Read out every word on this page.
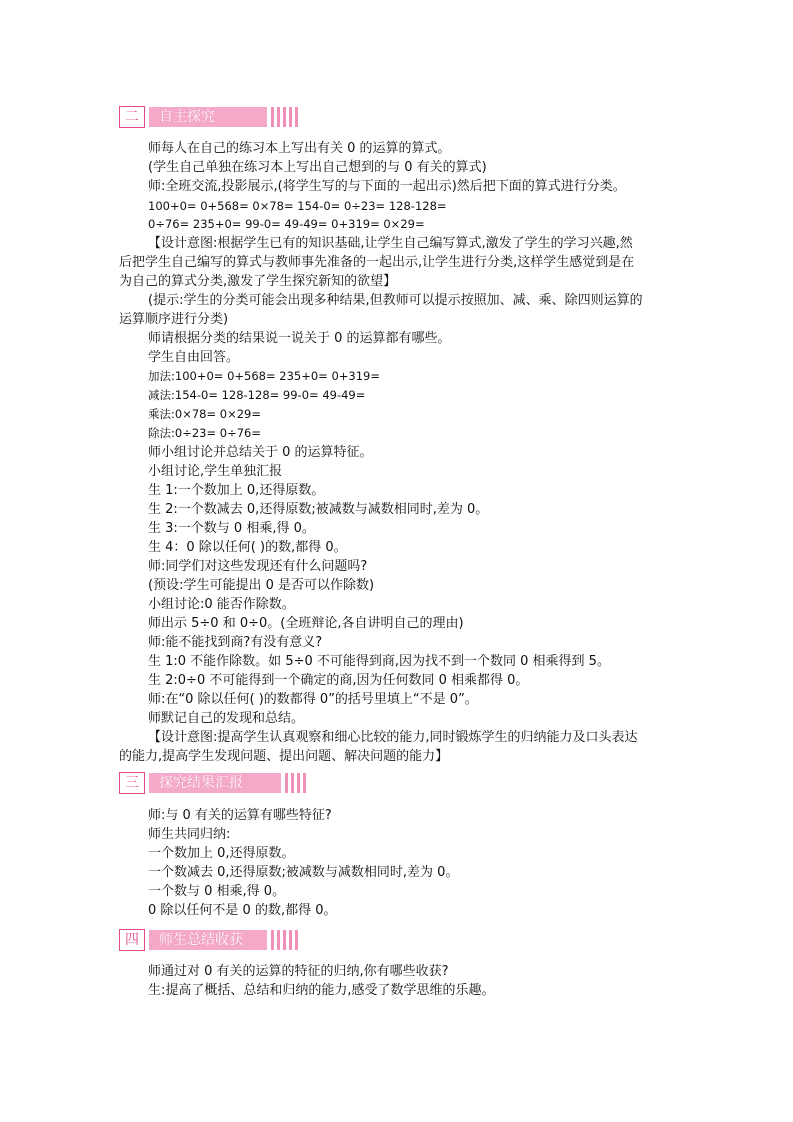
二	自主探究
师每人在自己的练习本上写出有关 0 的运算的算式。
(学生自己单独在练习本上写出自己想到的与 0 有关的算式)
师:全班交流,投影展示,(将学生写的与下面的一起出示)然后把下面的算式进行分类。
100+0= 0+568= 0×78= 154-0= 0÷23= 128-128=
0÷76= 235+0= 99-0= 49-49= 0+319= 0×29=
【设计意图:根据学生已有的知识基础,让学生自己编写算式,激发了学生的学习兴趣,然
后把学生自己编写的算式与教师事先准备的一起出示,让学生进行分类,这样学生感觉到是在
为自己的算式分类,激发了学生探究新知的欲望】
(提示:学生的分类可能会出现多种结果,但教师可以提示按照加、减、乘、除四则运算的
运算顺序进行分类)
师请根据分类的结果说一说关于 0 的运算都有哪些。
学生自由回答。
加法:100+0= 0+568= 235+0= 0+319=
减法:154-0= 128-128= 99-0= 49-49=
乘法:0×78= 0×29=
除法:0÷23= 0÷76=
师小组讨论并总结关于 0 的运算特征。
小组讨论,学生单独汇报
生 1:一个数加上 0,还得原数。
生 2:一个数减去 0,还得原数;被减数与减数相同时,差为 0。
生 3:一个数与 0 相乘,得 0。
生 4：0 除以任何( )的数,都得 0。
师:同学们对这些发现还有什么问题吗?
(预设:学生可能提出 0 是否可以作除数)
小组讨论:0 能否作除数。
师出示 5÷0 和 0÷0。(全班辩论,各自讲明自己的理由)
师:能不能找到商?有没有意义?
生 1:0 不能作除数。如 5÷0 不可能得到商,因为找不到一个数同 0 相乘得到 5。
生 2:0÷0 不可能得到一个确定的商,因为任何数同 0 相乘都得 0。
师:在“0 除以任何( )的数都得 0”的括号里填上“不是 0”。
师默记自己的发现和总结。
【设计意图:提高学生认真观察和细心比较的能力,同时锻炼学生的归纳能力及口头表达
的能力,提高学生发现问题、提出问题、解决问题的能力】
三	探究结果汇报
师:与 0 有关的运算有哪些特征?
师生共同归纳:
一个数加上 0,还得原数。
一个数减去 0,还得原数;被减数与减数相同时,差为 0。
一个数与 0 相乘,得 0。
0 除以任何不是 0 的数,都得 0。
四	师生总结收获
师通过对 0 有关的运算的特征的归纳,你有哪些收获?
生:提高了概括、总结和归纳的能力,感受了数学思维的乐趣。
